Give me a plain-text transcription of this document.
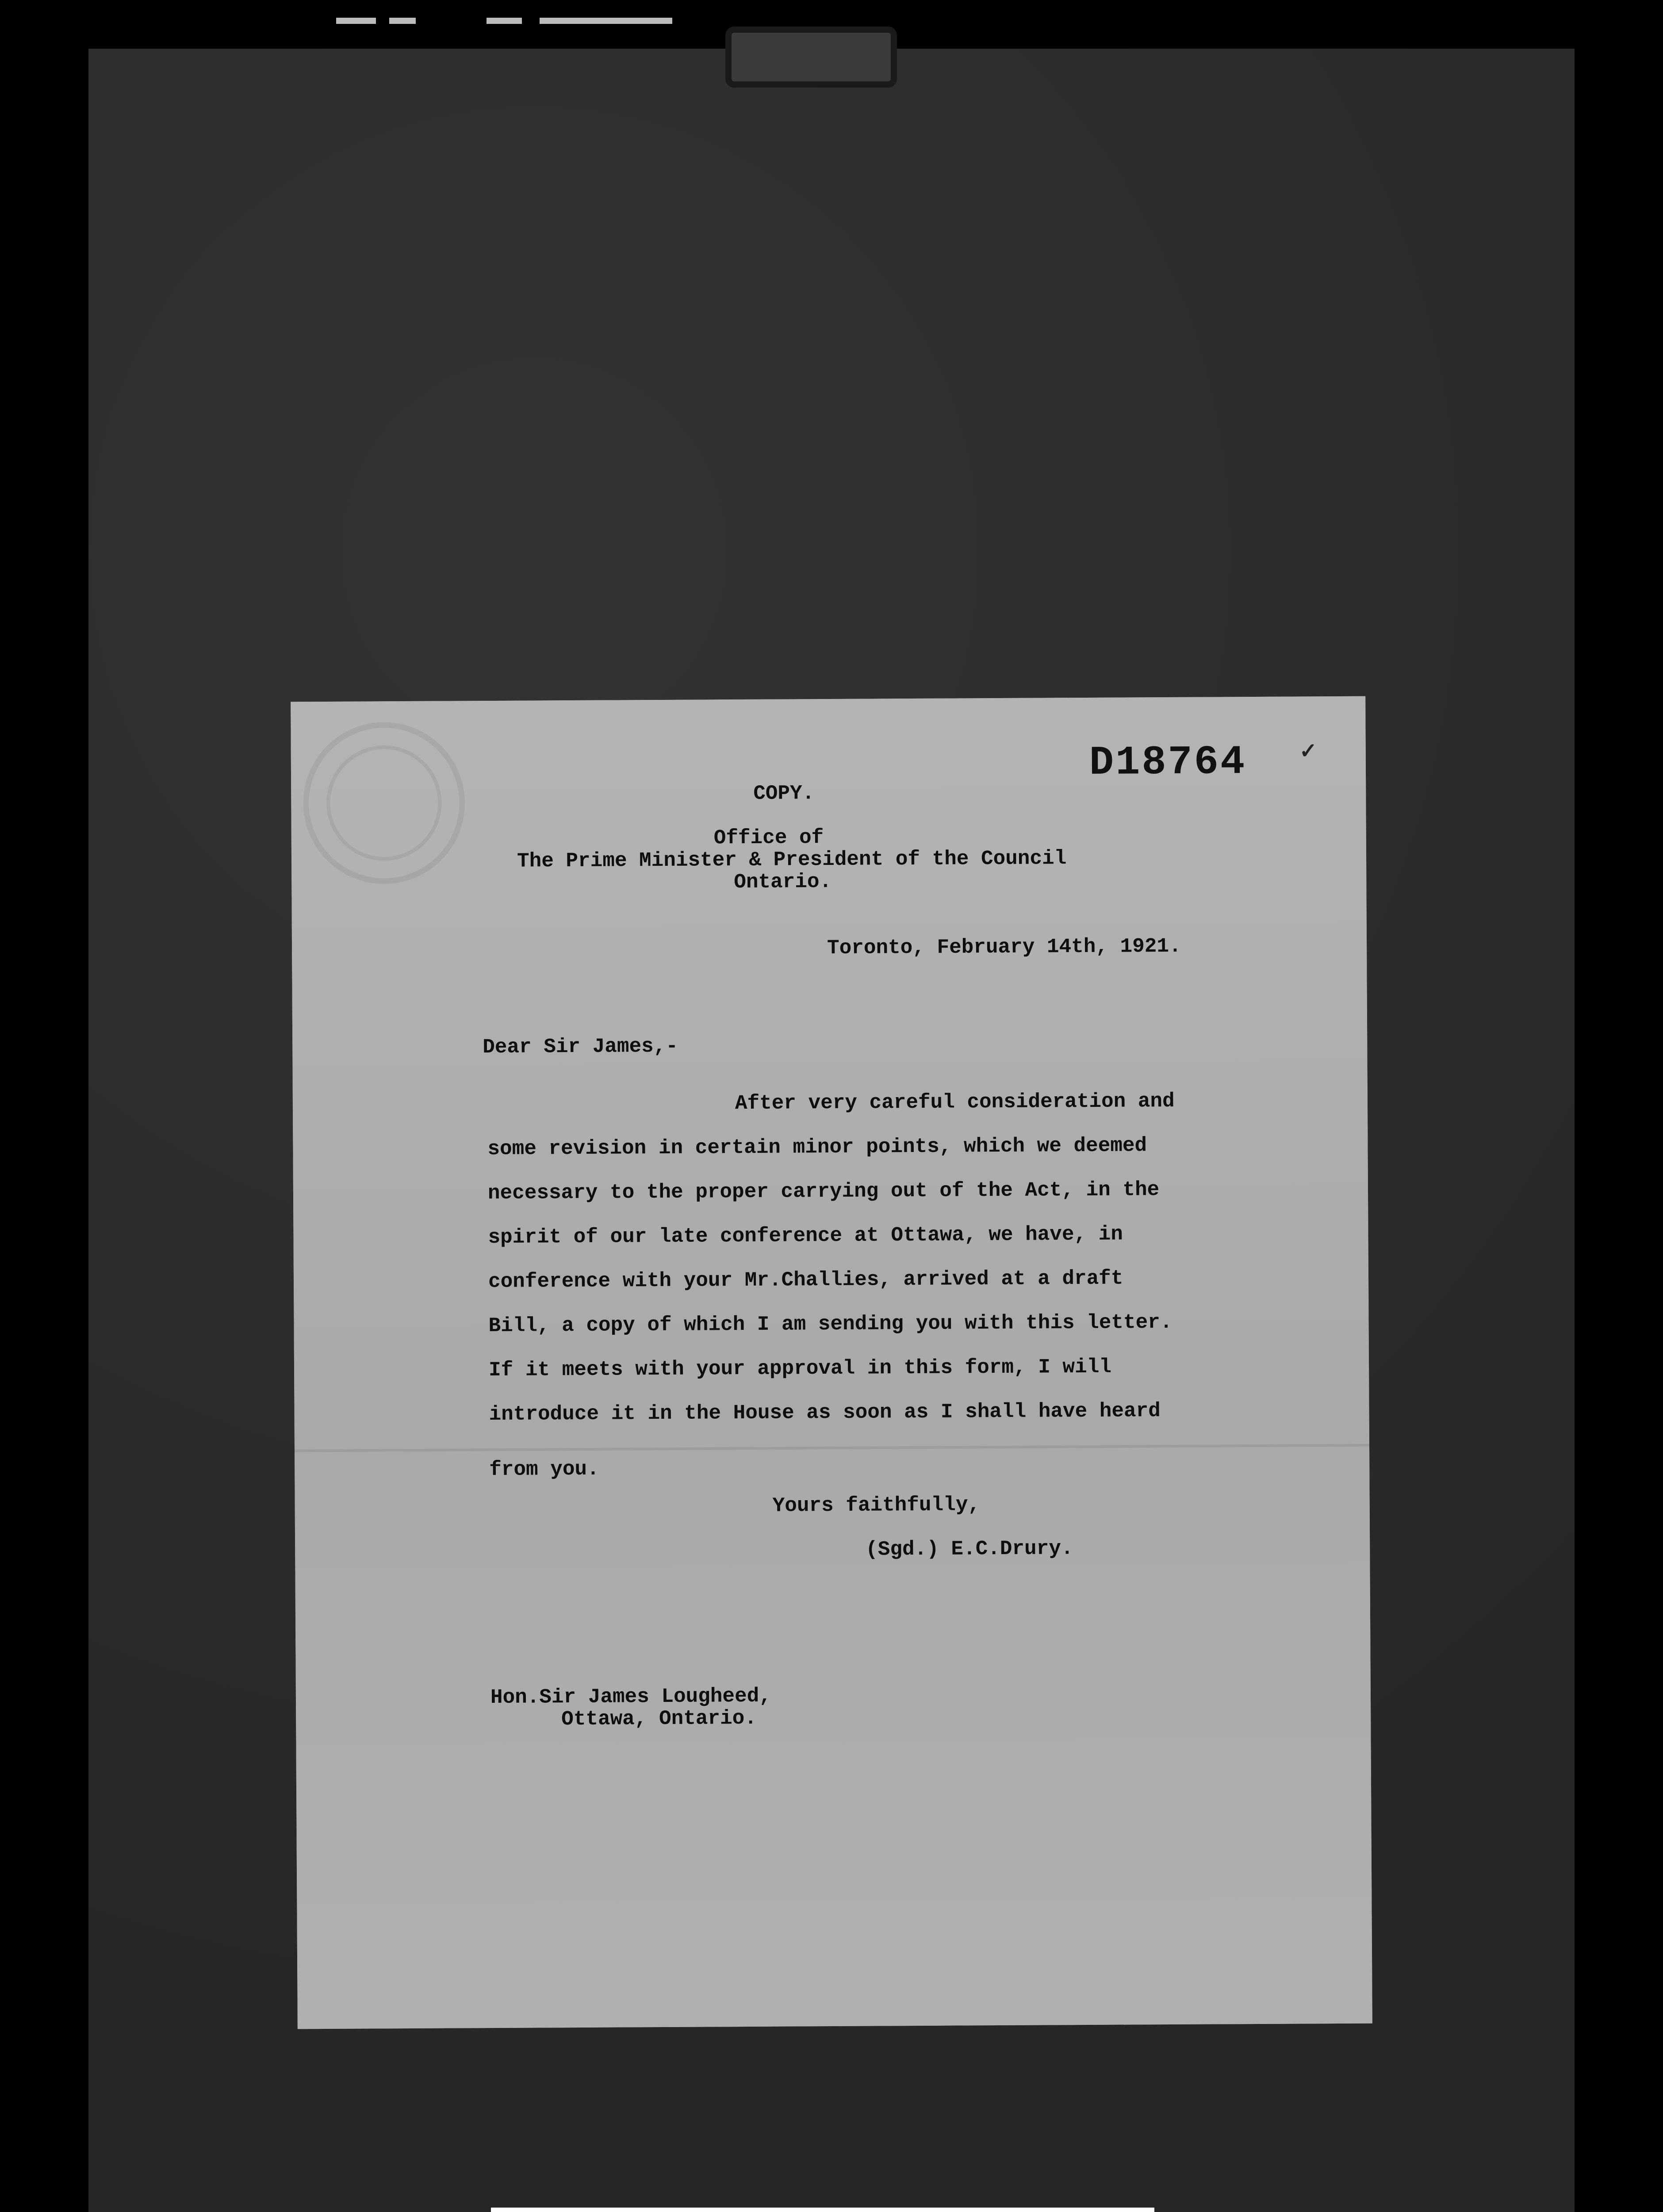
D18764 ✓
COPY.
Office of
The Prime Minister & President of the Council
Ontario.
Toronto, February 14th, 1921.
Dear Sir James,-
After very careful consideration and
some revision in certain minor points, which we deemed
necessary to the proper carrying out of the Act, in the
spirit of our late conference at Ottawa, we have, in
conference with your Mr.Challies, arrived at a draft
Bill, a copy of which I am sending you with this letter.
If it meets with your approval in this form, I will
introduce it in the House as soon as I shall have heard
from you.
Yours faithfully,
(Sgd.) E.C.Drury.
Hon.Sir James Lougheed,
Ottawa, Ontario.
